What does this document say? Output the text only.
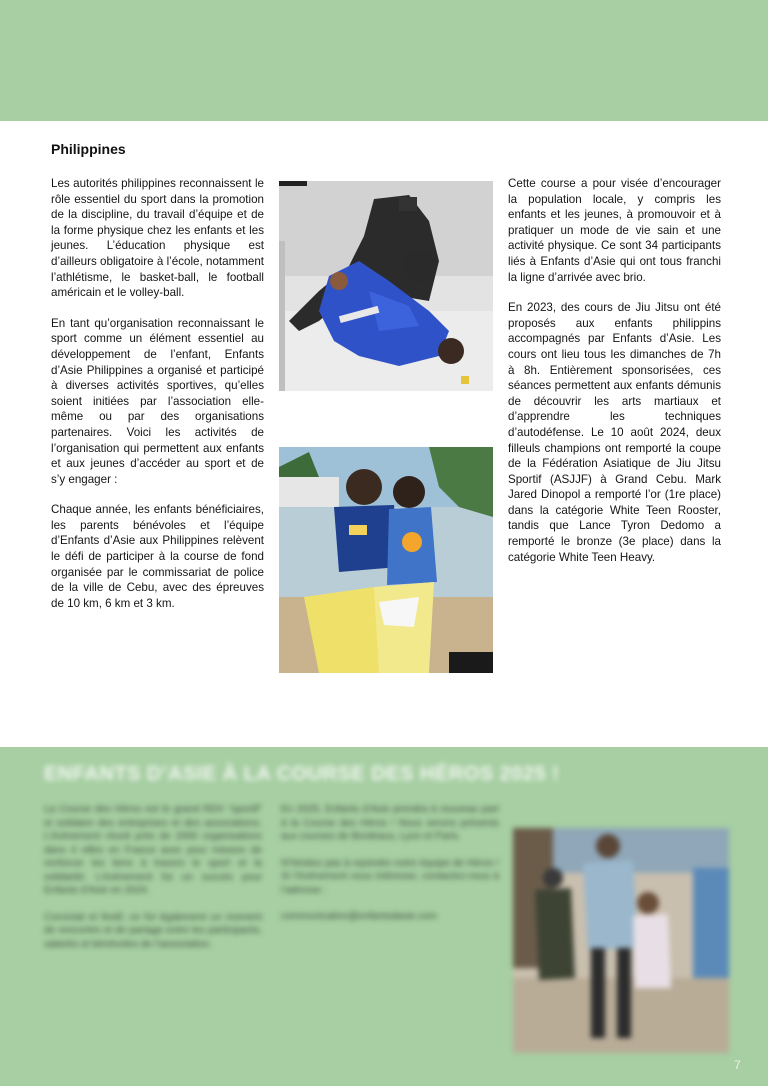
Philippines

Les autorités philippines reconnaissent le rôle essentiel du sport dans la promotion de la discipline, du travail d’équipe et de la forme physique chez les enfants et les jeunes. L’éducation physique est d’ailleurs obligatoire à l’école, notamment l’athlétisme, le basket-ball, le football américain et le volley-ball.

En tant qu’organisation reconnaissant le sport comme un élément essentiel au développement de l’enfant, Enfants d’Asie Philippines a organisé et participé à diverses activités sportives, qu’elles soient initiées par l’association elle-même ou par des organisations partenaires. Voici les activités de l’organisation qui permettent aux enfants et aux jeunes d’accéder au sport et de s’y engager :

Chaque année, les enfants bénéficiaires, les parents bénévoles et l’équipe d’Enfants d’Asie aux Philippines relèvent le défi de participer à la course de fond organisée par le commissariat de police de la ville de Cebu, avec des épreuves de 10 km, 6 km et 3 km.

Cette course a pour visée d’encourager la population locale, y compris les enfants et les jeunes, à promouvoir et à pratiquer un mode de vie sain et une activité physique. Ce sont 34 participants liés à Enfants d’Asie qui ont tous franchi la ligne d’arrivée avec brio.

En 2023, des cours de Jiu Jitsu ont été proposés aux enfants philippins accompagnés par Enfants d’Asie. Les cours ont lieu tous les dimanches de 7h à 8h. Entièrement sponsorisées, ces séances permettent aux enfants démunis de découvrir les arts martiaux et d’apprendre les techniques d’autodéfense. Le 10 août 2024, deux filleuls champions ont remporté la coupe de la Fédération Asiatique de Jiu Jitsu Sportif (ASJJF) à Grand Cebu. Mark Jared Dinopol a remporté l’or (1re place) dans la catégorie White Teen Rooster, tandis que Lance Tyron Dedomo a remporté le bronze (3e place) dans la catégorie White Teen Heavy.

ENFANTS D’ASIE À LA COURSE DES HÉROS 2025 !

La Course des Héros est le grand RDV “sportif” et solidaire des entreprises et des associations. L’événement réunit près de 2000 organisations dans 4 villes en France avec pour mission de renforcer les liens à travers le sport et la solidarité. L’événement fut un succès pour Enfants d’Asie en 2024.

Convivial et festif, ce fut également un moment de rencontre et de partage entre les participants, salariés et bénévoles de l’association.

En 2025, Enfants d’Asie prendra à nouveau part à la Course des Héros ! Nous serons présents aux courses de Bordeaux, Lyon et Paris.

N’hésitez pas à rejoindre notre équipe de Héros ! Si l’événement vous intéresse, contactez-nous à l’adresse :

communication@enfantsdasie.com

7
